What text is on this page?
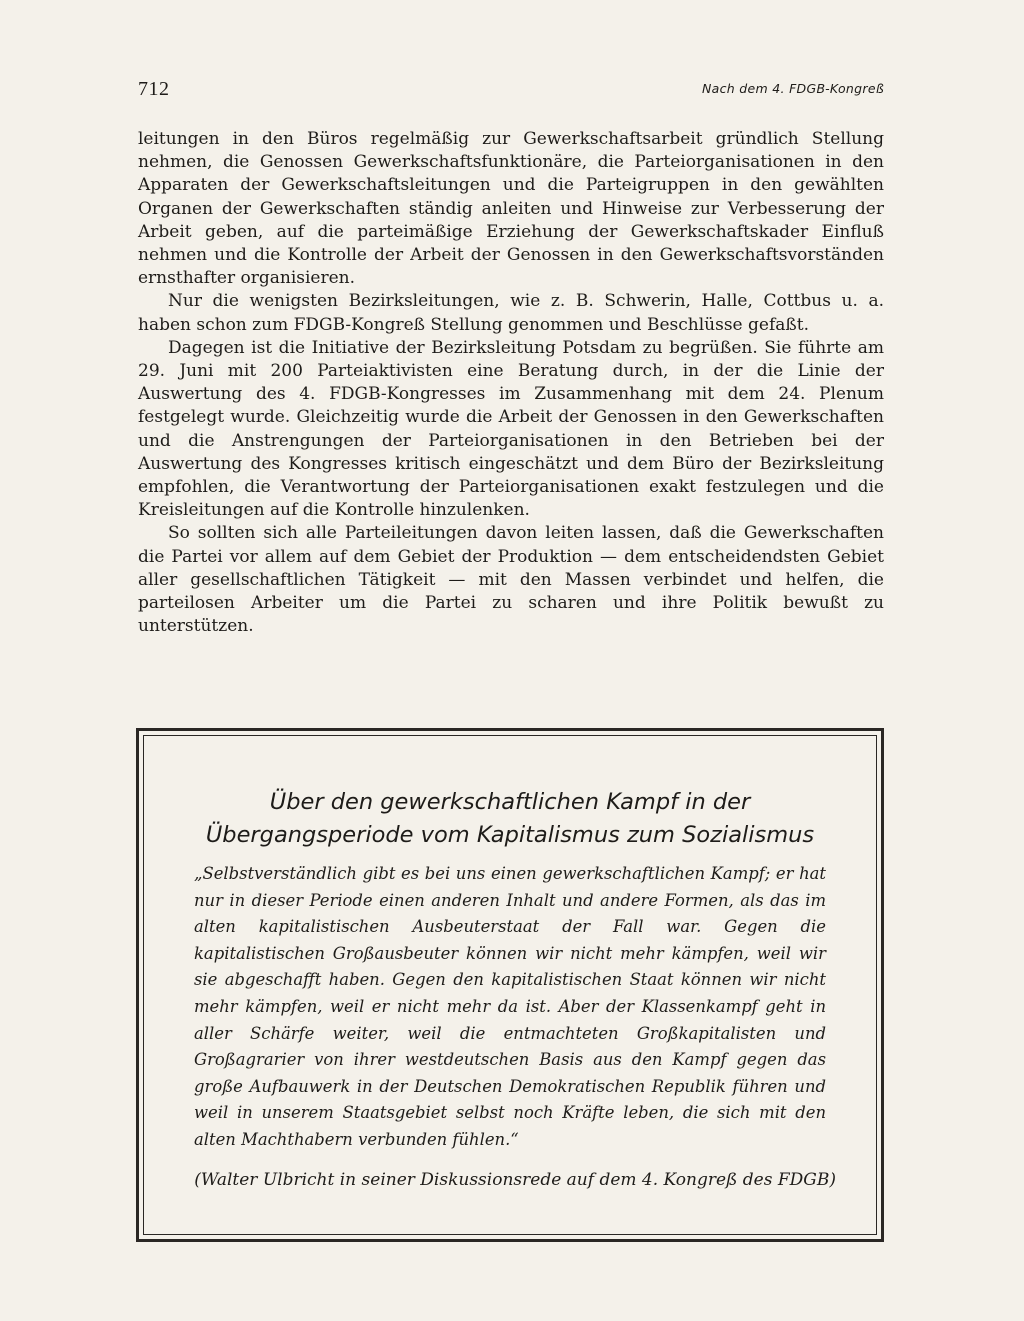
712	Nach dem 4. FDGB-Kongreß

leitungen in den Büros regelmäßig zur Gewerkschaftsarbeit gründlich Stellung nehmen, die Genossen Gewerkschaftsfunktionäre, die Parteiorganisationen in den Apparaten der Gewerkschaftsleitungen und die Parteigruppen in den gewählten Organen der Gewerkschaften ständig anleiten und Hinweise zur Verbesserung der Arbeit geben, auf die parteimäßige Erziehung der Gewerkschaftskader Einfluß nehmen und die Kontrolle der Arbeit der Genossen in den Gewerkschaftsvorständen ernsthafter organisieren.

Nur die wenigsten Bezirksleitungen, wie z. B. Schwerin, Halle, Cottbus u. a. haben schon zum FDGB-Kongreß Stellung genommen und Beschlüsse gefaßt.

Dagegen ist die Initiative der Bezirksleitung Potsdam zu begrüßen. Sie führte am 29. Juni mit 200 Parteiaktivisten eine Beratung durch, in der die Linie der Auswertung des 4. FDGB-Kongresses im Zusammenhang mit dem 24. Plenum festgelegt wurde. Gleichzeitig wurde die Arbeit der Genossen in den Gewerkschaften und die Anstrengungen der Parteiorganisationen in den Betrieben bei der Auswertung des Kongresses kritisch eingeschätzt und dem Büro der Bezirksleitung empfohlen, die Verantwortung der Parteiorganisationen exakt festzulegen und die Kreisleitungen auf die Kontrolle hinzulenken.

So sollten sich alle Parteileitungen davon leiten lassen, daß die Gewerkschaften die Partei vor allem auf dem Gebiet der Produktion — dem entscheidendsten Gebiet aller gesellschaftlichen Tätigkeit — mit den Massen verbindet und helfen, die parteilosen Arbeiter um die Partei zu scharen und ihre Politik bewußt zu unterstützen.

Über den gewerkschaftlichen Kampf in der
Übergangsperiode vom Kapitalismus zum Sozialismus
„Selbstverständlich gibt es bei uns einen gewerkschaftlichen Kampf; er hat nur in dieser Periode einen anderen Inhalt und andere Formen, als das im alten kapitalistischen Ausbeuterstaat der Fall war. Gegen die kapitalistischen Großausbeuter können wir nicht mehr kämpfen, weil wir sie abgeschafft haben. Gegen den kapitalistischen Staat können wir nicht mehr kämpfen, weil er nicht mehr da ist. Aber der Klassenkampf geht in aller Schärfe weiter, weil die entmachteten Großkapitalisten und Großagrarier von ihrer westdeutschen Basis aus den Kampf gegen das große Aufbauwerk in der Deutschen Demokratischen Republik führen und weil in unserem Staatsgebiet selbst noch Kräfte leben, die sich mit den alten Machthabern verbunden fühlen.“
(Walter Ulbricht in seiner Diskussionsrede auf dem 4. Kongreß des FDGB)
